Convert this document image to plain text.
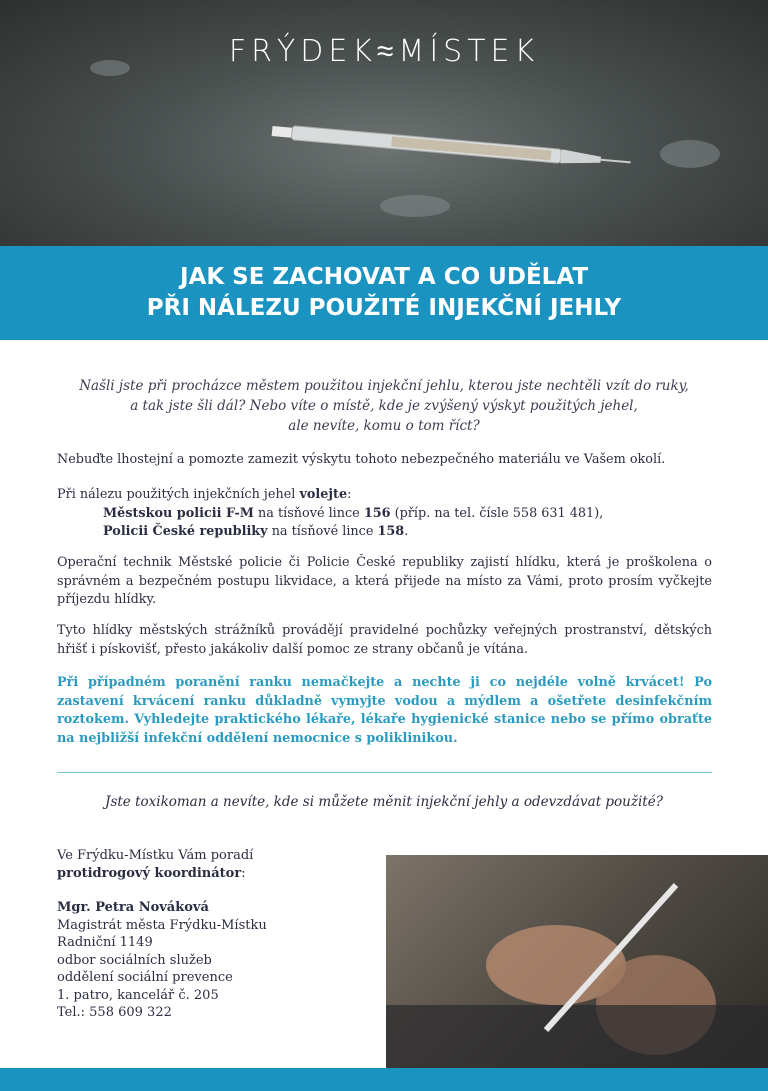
FRÝDEK≈MÍSTEK
JAK SE ZACHOVAT A CO UDĚLAT
PŘI NÁLEZU POUŽITÉ INJEKČNÍ JEHLY
Našli jste při procházce městem použitou injekční jehlu, kterou jste nechtěli vzít do ruky,
a tak jste šli dál? Nebo víte o místě, kde je zvýšený výskyt použitých jehel,
ale nevíte, komu o tom říct?
Nebuďte lhostejní a pomozte zamezit výskytu tohoto nebezpečného materiálu ve Vašem okolí.
Při nálezu použitých injekčních jehel volejte:
Městskou policii F-M na tísňové lince 156 (příp. na tel. čísle 558 631 481),
Policii České republiky na tísňové lince 158.
Operační technik Městské policie či Policie České republiky zajistí hlídku, která je proškolena o správném a bezpečném postupu likvidace, a která přijede na místo za Vámi, proto prosím vyčkejte příjezdu hlídky.
Tyto hlídky městských strážníků provádějí pravidelné pochůzky veřejných prostranství, dětských hřišť i pískovišť, přesto jakákoliv další pomoc ze strany občanů je vítána.
Při případném poranění ranku nemačkejte a nechte ji co nejdéle volně krvácet! Po zastavení krvácení ranku důkladně vymyjte vodou a mýdlem a ošetřete desinfekčním roztokem. Vyhledejte praktického lékaře, lékaře hygienické stanice nebo se přímo obraťte na nejbližší infekční oddělení nemocnice s poliklinikou.
Jste toxikoman a nevíte, kde si můžete měnit injekční jehly a odevzdávat použité?
Ve Frýdku-Místku Vám poradí
protidrogový koordinátor:
Mgr. Petra Nováková
Magistrát města Frýdku-Místku
Radniční 1149
odbor sociálních služeb
oddělení sociální prevence
1. patro, kancelář č. 205
Tel.: 558 609 322
